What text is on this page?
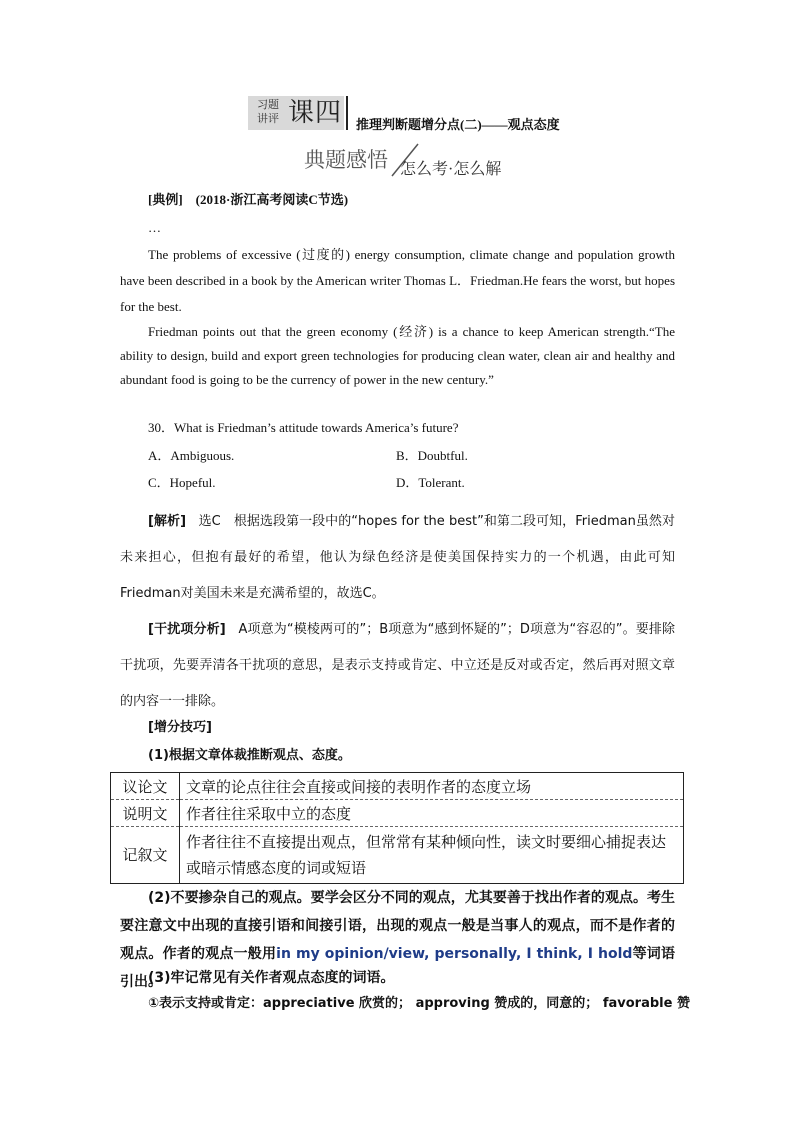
习题
讲评 课四 推理判断题增分点(二)——观点态度
典题感悟 怎么考·怎么解
[典例] (2018·浙江高考阅读C节选)
…
The problems of excessive (过度的) energy consumption, climate change and population growth have been described in a book by the American writer Thomas L．Friedman.He fears the worst, but hopes for the best.
Friedman points out that the green economy (经济) is a chance to keep American strength.“The ability to design, build and export green technologies for producing clean water, clean air and healthy and abundant food is going to be the currency of power in the new century.”
30．What is Friedman’s attitude towards America’s future?
A．Ambiguous.	B．Doubtful.
C．Hopeful.	D．Tolerant.
[解析] 选C　根据选段第一段中的“hopes for the best”和第二段可知，Friedman虽然对未来担心，但抱有最好的希望，他认为绿色经济是使美国保持实力的一个机遇，由此可知Friedman对美国未来是充满希望的，故选C。
[干扰项分析] A项意为“模棱两可的”；B项意为“感到怀疑的”；D项意为“容忍的”。要排除干扰项，先要弄清各干扰项的意思，是表示支持或肯定、中立还是反对或否定，然后再对照文章的内容一一排除。
[增分技巧]
(1)根据文章体裁推断观点、态度。
议论文	文章的论点往往会直接或间接的表明作者的态度立场
说明文	作者往往采取中立的态度
记叙文	作者往往不直接提出观点，但常常有某种倾向性，读文时要细心捕捉表达或暗示情感态度的词或短语
(2)不要掺杂自己的观点。要学会区分不同的观点，尤其要善于找出作者的观点。考生要注意文中出现的直接引语和间接引语，出现的观点一般是当事人的观点，而不是作者的观点。作者的观点一般用in my opinion/view, personally, I think, I hold等词语引出。
(3)牢记常见有关作者观点态度的词语。
①表示支持或肯定：appreciative 欣赏的； approving 赞成的，同意的； favorable 赞
